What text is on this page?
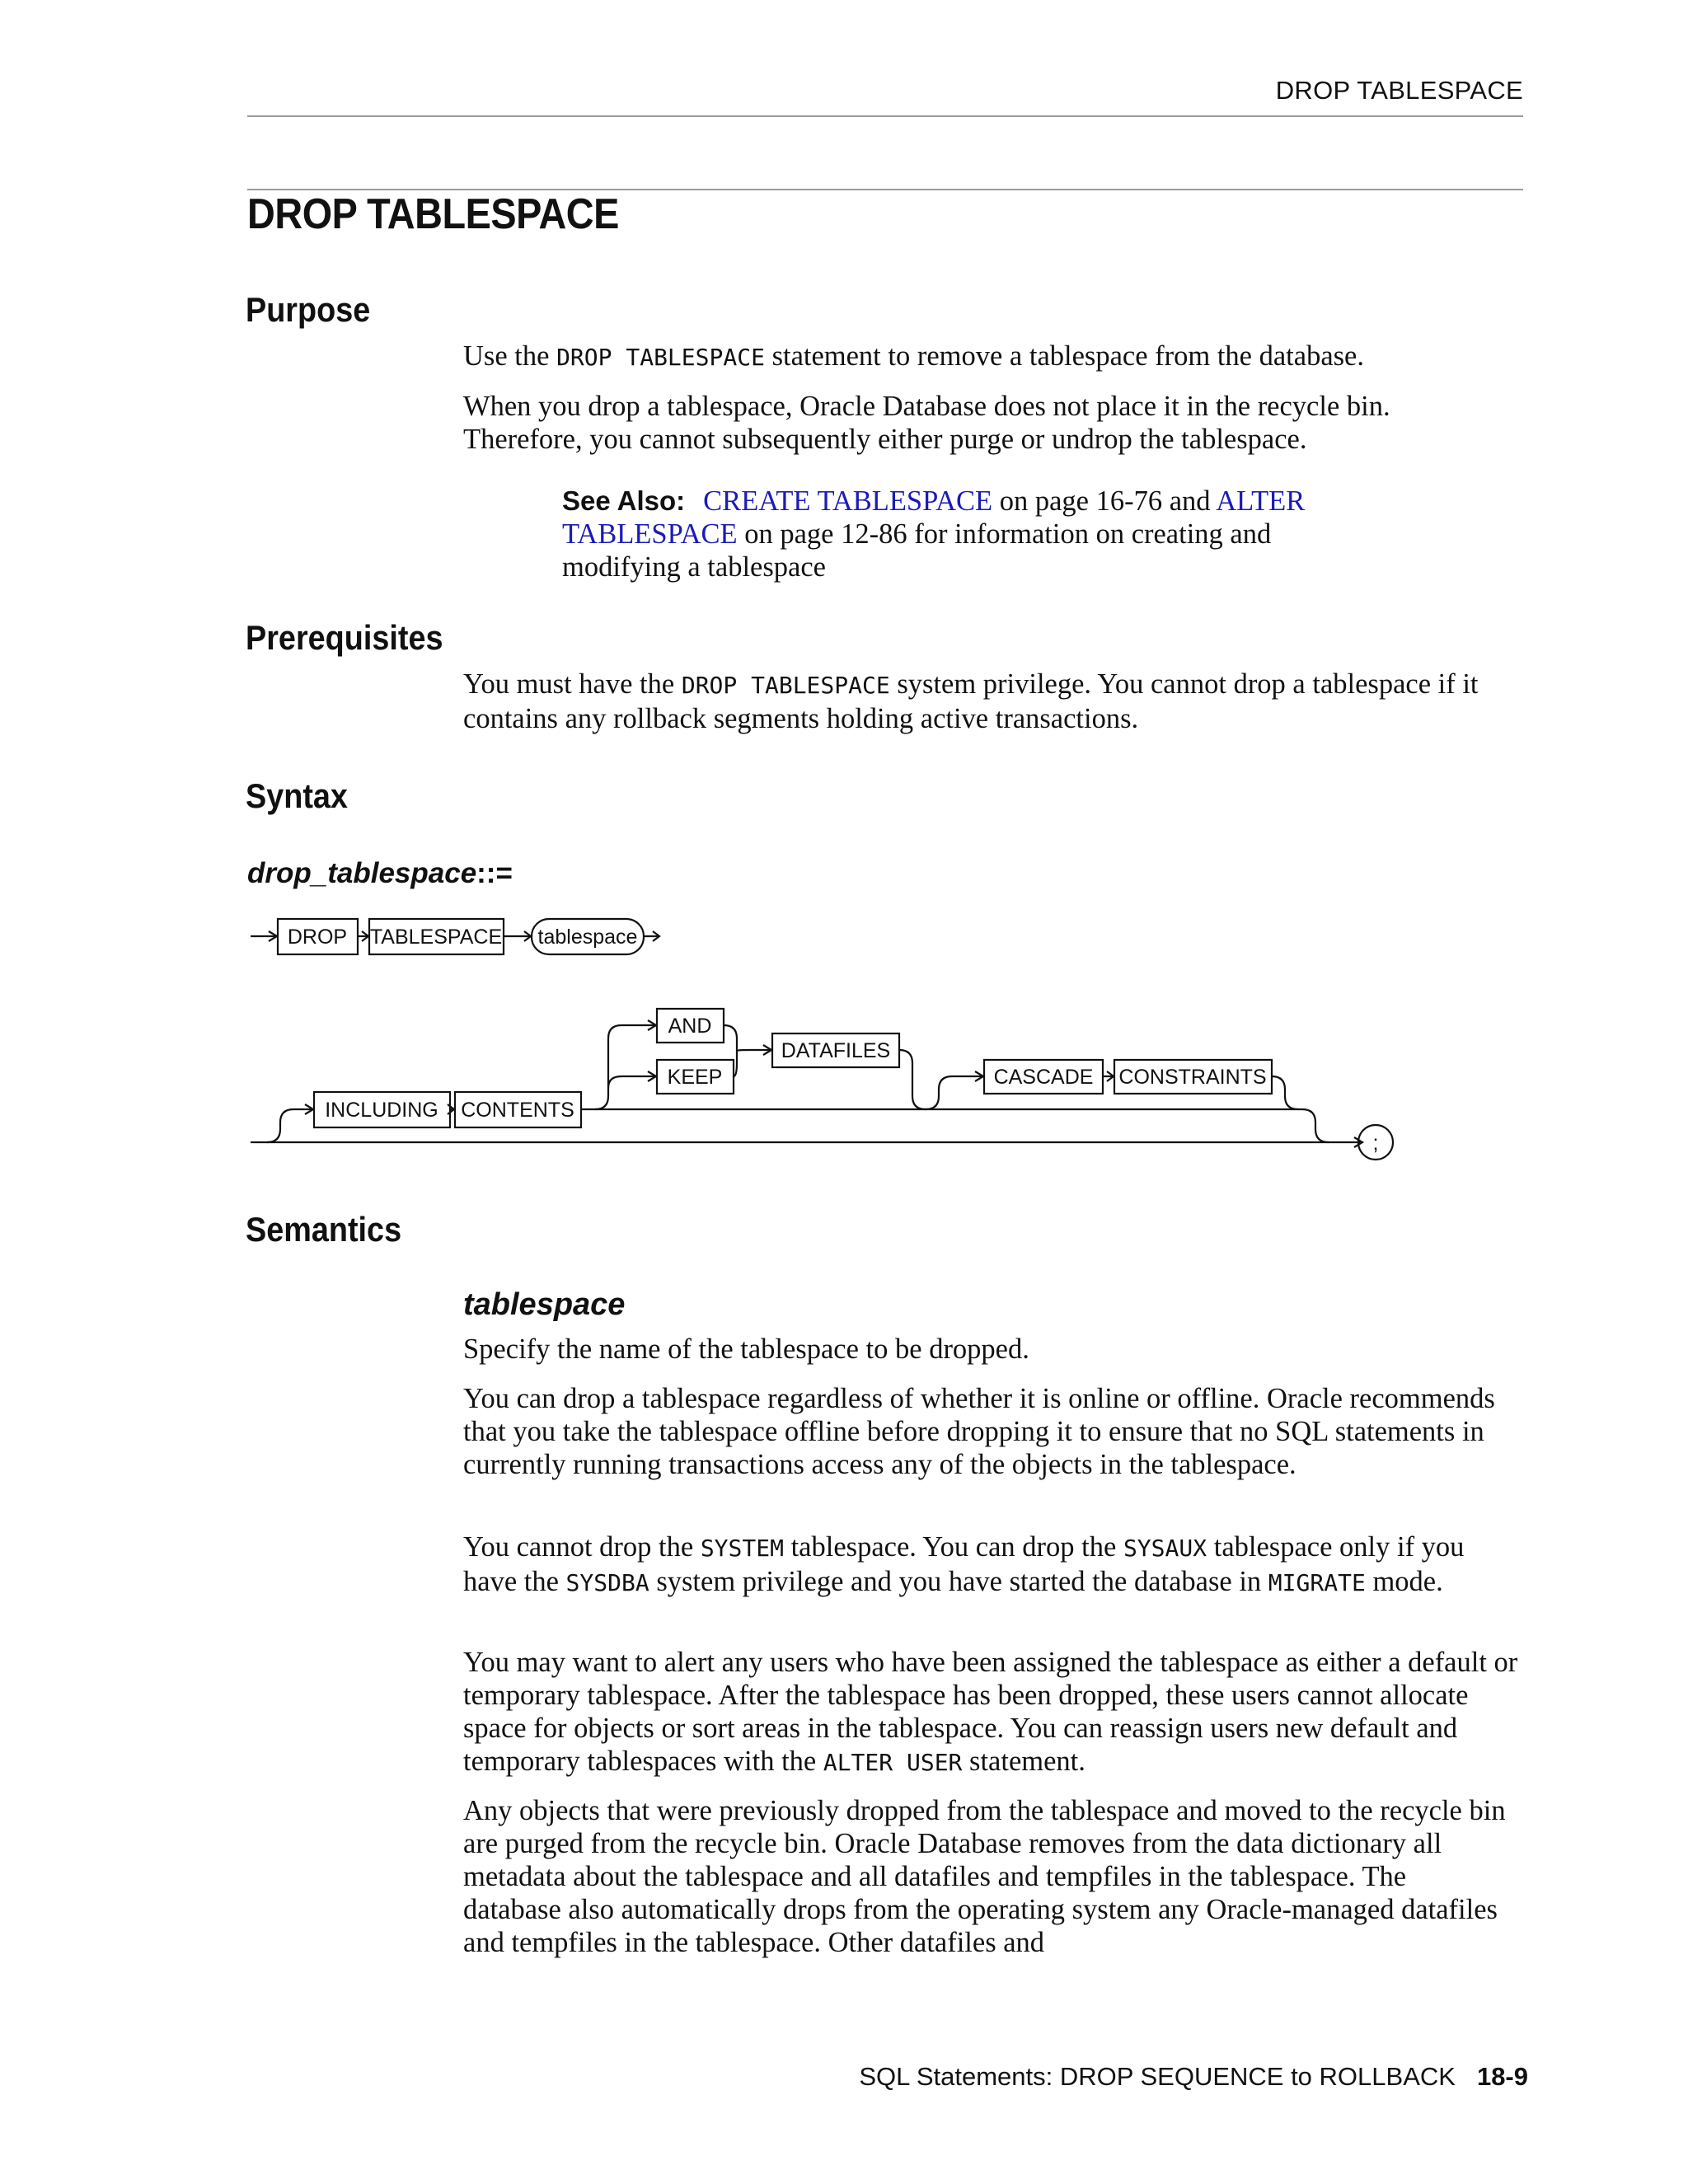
DROP TABLESPACE
DROP TABLESPACE
Purpose

Use the DROP TABLESPACE statement to remove a tablespace from the database.

When you drop a tablespace, Oracle Database does not place it in the recycle bin. Therefore, you cannot subsequently either purge or undrop the tablespace.

See Also: CREATE TABLESPACE on page 16-76 and ALTER TABLESPACE on page 12-86 for information on creating and modifying a tablespace
Prerequisites

You must have the DROP TABLESPACE system privilege. You cannot drop a tablespace if it contains any rollback segments holding active transactions.

Syntax
drop_tablespace::=
DROP TABLESPACE tablespace
INCLUDING CONTENTS
AND
KEEP
DATAFILES
CASCADE CONSTRAINTS
;
Semantics
tablespace

Specify the name of the tablespace to be dropped.

You can drop a tablespace regardless of whether it is online or offline. Oracle recommends that you take the tablespace offline before dropping it to ensure that no SQL statements in currently running transactions access any of the objects in the tablespace.

You cannot drop the SYSTEM tablespace. You can drop the SYSAUX tablespace only if you have the SYSDBA system privilege and you have started the database in MIGRATE mode.

You may want to alert any users who have been assigned the tablespace as either a default or temporary tablespace. After the tablespace has been dropped, these users cannot allocate space for objects or sort areas in the tablespace. You can reassign users new default and temporary tablespaces with the ALTER USER statement.

Any objects that were previously dropped from the tablespace and moved to the recycle bin are purged from the recycle bin. Oracle Database removes from the data dictionary all metadata about the tablespace and all datafiles and tempfiles in the tablespace. The database also automatically drops from the operating system any Oracle-managed datafiles and tempfiles in the tablespace. Other datafiles and

SQL Statements: DROP SEQUENCE to ROLLBACK 18-9
